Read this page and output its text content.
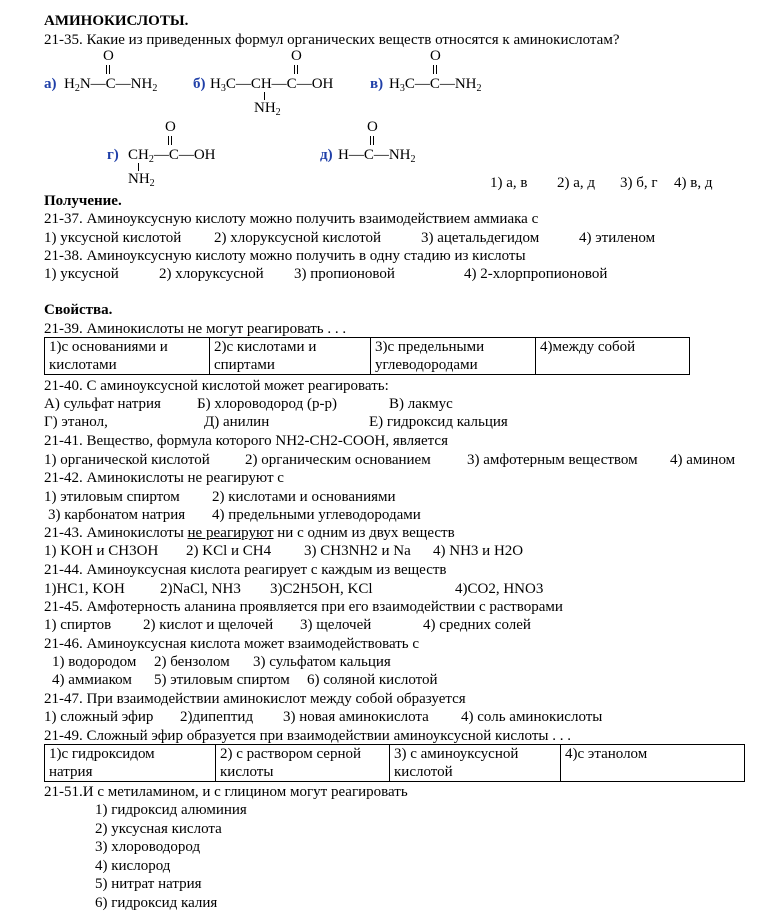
АМИНОКИСЛОТЫ.
21-35. Какие из приведенных формул органических веществ относятся к аминокислотам?
а) $H_2N—C—NH_2$
O
б) $H_3C—CH—C—OH$
O
$NH_2$
в) $H_3C—C—NH_2$
O
г) $CH_2—C—OH$
O
$NH_2$
д) $H—C—NH_2$
O
1) а, в 2) а, д 3) б, г 4) в, д
Получение.
21-37. Аминоуксусную кислоту можно получить взаимодействием аммиака с
1) уксусной кислотой 2) хлоруксусной кислотой	3) ацетальдегидом	4) этиленом
21-38. Аминоуксусную кислоту можно получить в одну стадию из кислоты
1) уксусной	2) хлоруксусной 3) пропионовой	4) 2-хлорпропионовой
Свойства.
21-39. Аминокислоты не могут реагировать . . .
1)с основаниями и
кислотами

2)с кислотами и
спиртами

3)с предельными
углеводородами

4)между собой
21-40. С аминоуксусной кислотой может реагировать:
А) сульфат натрия Б) хлороводород (р-р)	В) лакмус
Г) этанол,	Д) анилин	Е) гидроксид кальция
21-41. Вещество, формула которого NH2-CH2-COOH, является
1) органической кислотой 2) органическим основанием 3) амфотерным веществом 4) амином
21-42. Аминокислоты не реагируют с
1) этиловым спиртом 2) кислотами и основаниями
3) карбонатом натрия 4) предельными углеводородами
21-43. Аминокислоты не реагируют ни с одним из двух веществ
1) KOH и CH3OH 2) KCl и CH4 3) CH3NH2 и Na 4) NH3 и H2O
21-44. Аминоуксусная кислота реагирует с каждым из веществ
1)HC1, KOH 2)NaCl, NH3 3)C2H5OH, KCl	4)CO2, HNO3
21-45. Амфотерность аланина проявляется при его взаимодействии с растворами
1) спиртов 2) кислот и щелочей 3) щелочей	4) средних солей
21-46. Аминоуксусная кислота может взаимодействовать с
1) водородом 2) бензолом 3) сульфатом кальция
4) аммиаком 5) этиловым спиртом 6) соляной кислотой
21-47. При взаимодействии аминокислот между собой образуется
1) сложный эфир 2)дипептид 3) новая аминокислота 4) соль аминокислоты
21-49. Сложный эфир образуется при взаимодействии аминоуксусной кислоты . . .
1)с гидроксидом
натрия

2) с раствором серной
кислоты

3) с аминоуксусной
кислотой

4)с этанолом
21-51.И с метиламином, и с глицином могут реагировать
1) гидроксид алюминия
2) уксусная кислота
3) хлороводород
4) кислород
5) нитрат натрия
6) гидроксид калия
